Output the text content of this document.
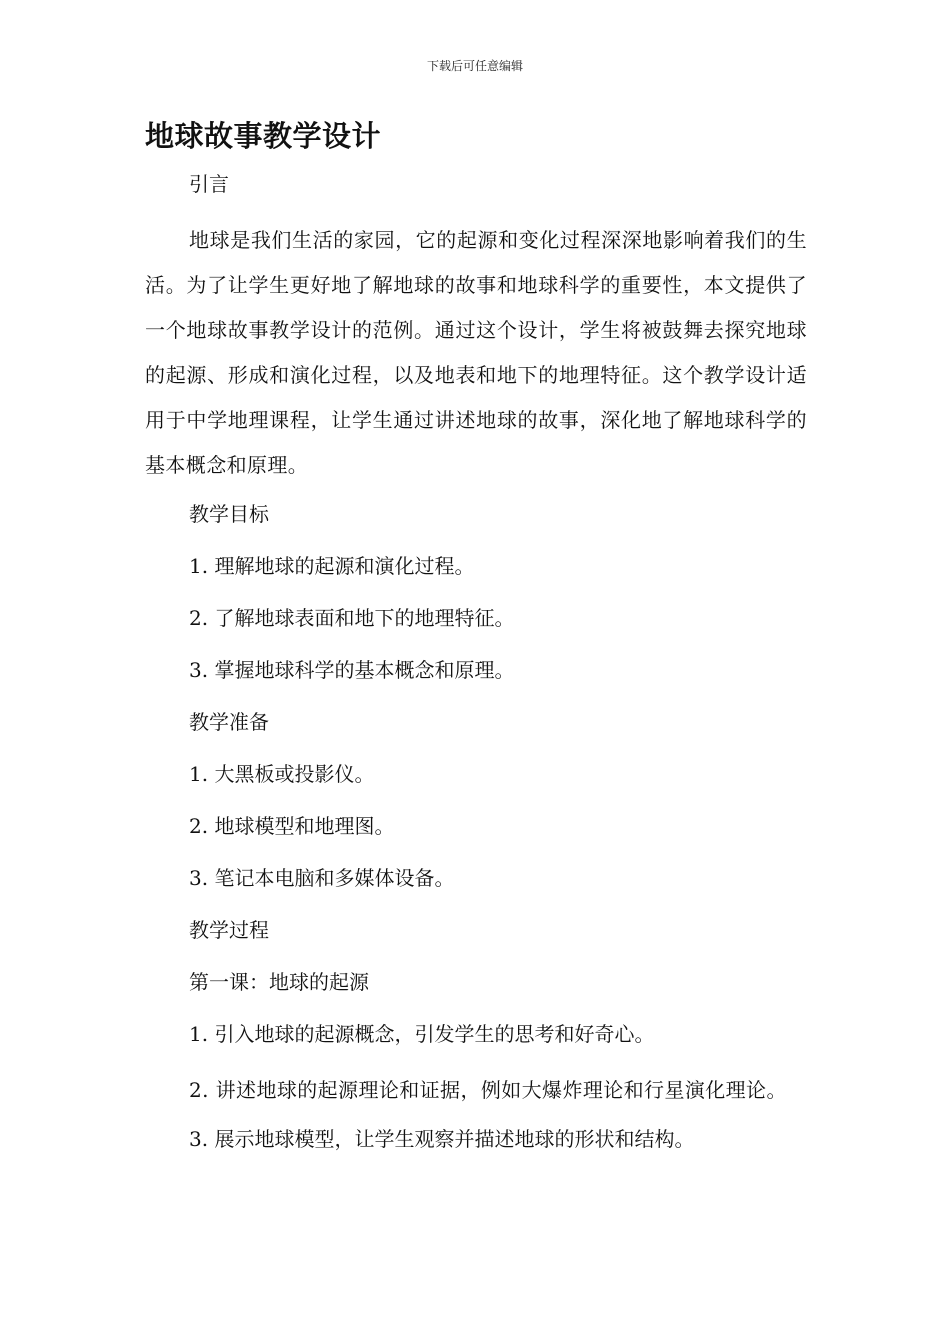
下载后可任意编辑
地球故事教学设计
引言

地球是我们生活的家园，它的起源和变化过程深深地影响着我们的生活。为了让学生更好地了解地球的故事和地球科学的重要性，本文提供了一个地球故事教学设计的范例。通过这个设计，学生将被鼓舞去探究地球的起源、形成和演化过程，以及地表和地下的地理特征。这个教学设计适用于中学地理课程，让学生通过讲述地球的故事，深化地了解地球科学的基本概念和原理。

教学目标
1. 理解地球的起源和演化过程。
2. 了解地球表面和地下的地理特征。
3. 掌握地球科学的基本概念和原理。
教学准备
1. 大黑板或投影仪。
2. 地球模型和地理图。
3. 笔记本电脑和多媒体设备。
教学过程
第一课：地球的起源
1. 引入地球的起源概念，引发学生的思考和好奇心。

2. 讲述地球的起源理论和证据，例如大爆炸理论和行星演化理论。

3. 展示地球模型，让学生观察并描述地球的形状和结构。
